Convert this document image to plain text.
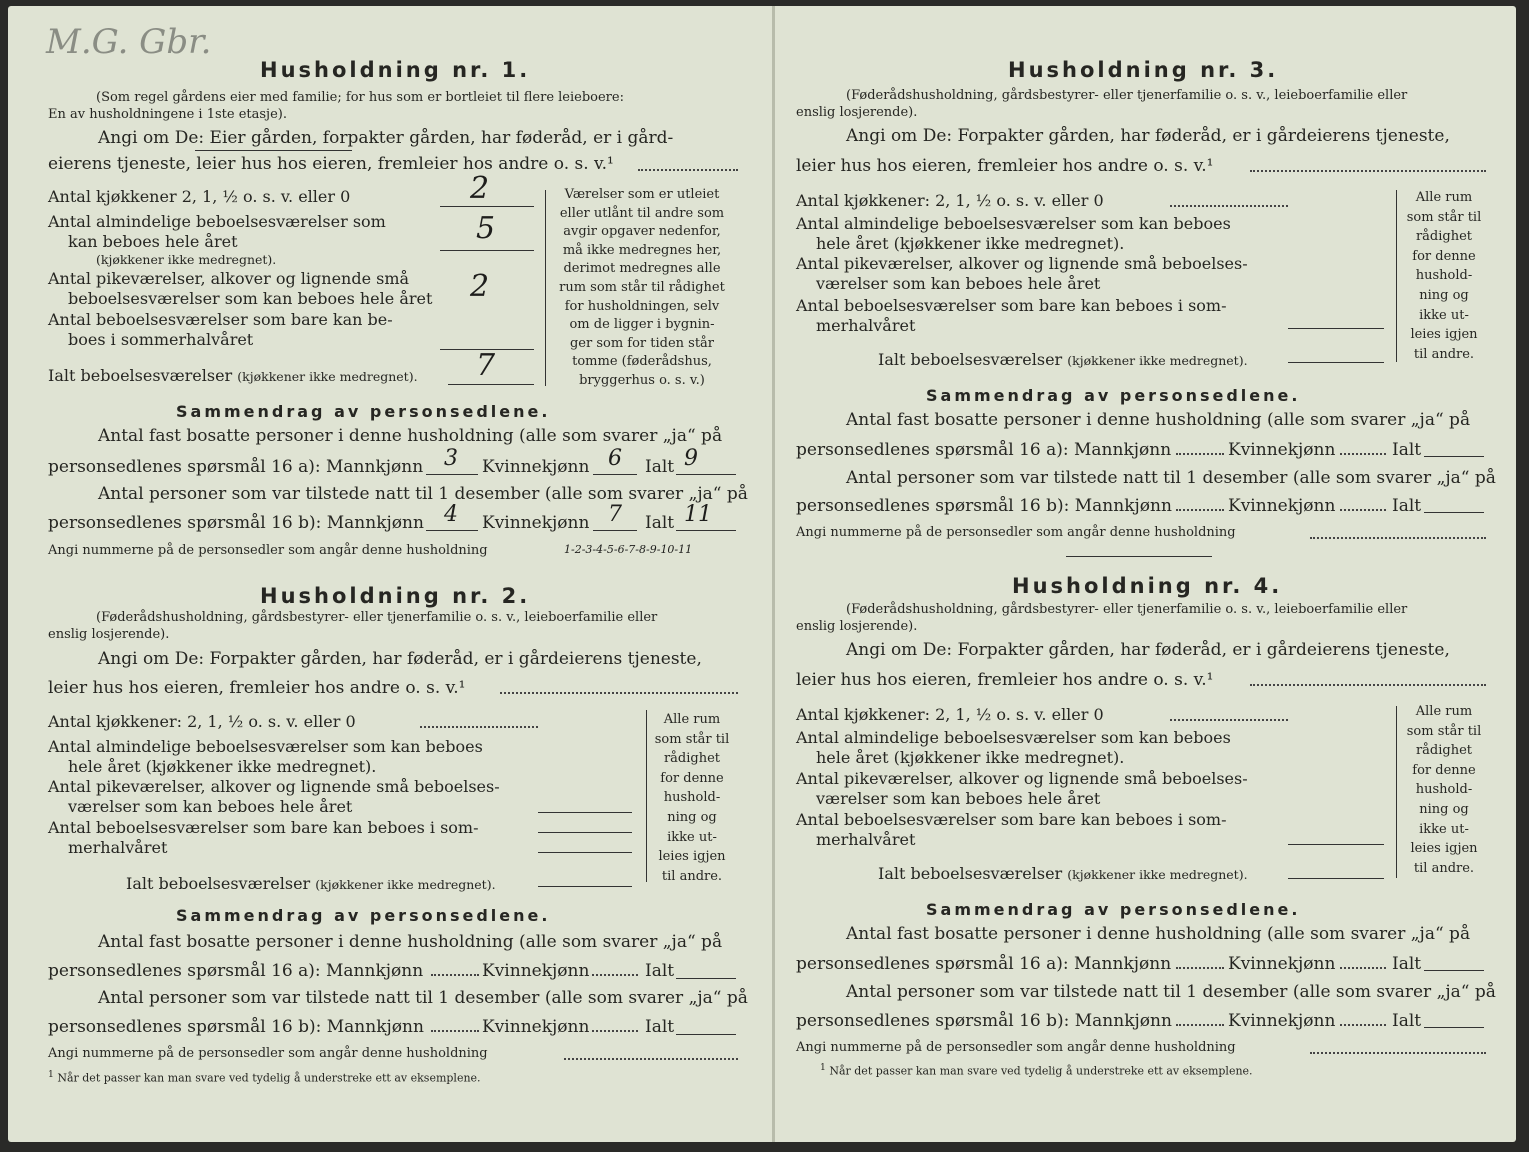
M.G. Gbr.
Husholdning nr. 1.
(Som regel gårdens eier med familie; for hus som er bortleiet til flere leieboere:
En av husholdningene i 1ste etasje).
Angi om De: Eier gården, forpakter gården, har føderåd, er i gård-
eierens tjeneste, leier hus hos eieren, fremleier hos andre o. s. v.¹
Antal kjøkkener 2, 1, ½ o. s. v. eller 0	2
Antal almindelige beboelsesværelser som
kan beboes hele året
(kjøkkener ikke medregnet).
5
Antal pikeværelser, alkover og lignende små
beboelsesværelser som kan beboes hele året 2
Antal beboelsesværelser som bare kan be-
boes i sommerhalvåret
Ialt beboelsesværelser (kjøkkener ikke medregnet). 7
Værelser som er utleiet
eller utlånt til andre som
avgir opgaver nedenfor,
må ikke medregnes her,
derimot medregnes alle
rum som står til rådighet
for husholdningen, selv
om de ligger i bygnin-
ger som for tiden står
tomme (føderådshus,
bryggerhus o. s. v.)
Sammendrag av personsedlene.
Antal fast bosatte personer i denne husholdning (alle som svarer „ja“ på
personsedlenes spørsmål 16 a): Mannkjønn 3 Kvinnekjønn 6 Ialt 9
Antal personer som var tilstede natt til 1 desember (alle som svarer „ja“ på
personsedlenes spørsmål 16 b): Mannkjønn 4 Kvinnekjønn 7 Ialt 11
Angi nummerne på de personsedler som angår denne husholdning	1-2-3-4-5-6-7-8-9-10-11
Husholdning nr. 2.
(Føderådshusholdning, gårdsbestyrer- eller tjenerfamilie o. s. v., leieboerfamilie eller
enslig losjerende).
Angi om De: Forpakter gården, har føderåd, er i gårdeierens tjeneste,
leier hus hos eieren, fremleier hos andre o. s. v.¹
Antal kjøkkener: 2, 1, ½ o. s. v. eller 0
Antal almindelige beboelsesværelser som kan beboes
hele året (kjøkkener ikke medregnet).
Antal pikeværelser, alkover og lignende små beboelses-
værelser som kan beboes hele året
Antal beboelsesværelser som bare kan beboes i som-
merhalvåret
Ialt beboelsesværelser (kjøkkener ikke medregnet).
Alle rum
som står til
rådighet
for denne
hushold-
ning og
ikke ut-
leies igjen
til andre.
Sammendrag av personsedlene.
Antal fast bosatte personer i denne husholdning (alle som svarer „ja“ på
personsedlenes spørsmål 16 a): Mannkjønn	Kvinnekjønn	Ialt
Antal personer som var tilstede natt til 1 desember (alle som svarer „ja“ på
personsedlenes spørsmål 16 b): Mannkjønn	Kvinnekjønn	Ialt
Angi nummerne på de personsedler som angår denne husholdning
$^1$ Når det passer kan man svare ved tydelig å understreke ett av eksemplene.
Husholdning nr. 3.
(Føderådshusholdning, gårdsbestyrer- eller tjenerfamilie o. s. v., leieboerfamilie eller
enslig losjerende).
Angi om De: Forpakter gården, har føderåd, er i gårdeierens tjeneste,
leier hus hos eieren, fremleier hos andre o. s. v.¹
Antal kjøkkener: 2, 1, ½ o. s. v. eller 0
Antal almindelige beboelsesværelser som kan beboes
hele året (kjøkkener ikke medregnet).
Antal pikeværelser, alkover og lignende små beboelses-
værelser som kan beboes hele året
Antal beboelsesværelser som bare kan beboes i som-
merhalvåret
Ialt beboelsesværelser (kjøkkener ikke medregnet).
Alle rum
som står til
rådighet
for denne
hushold-
ning og
ikke ut-
leies igjen
til andre.
Sammendrag av personsedlene.
Antal fast bosatte personer i denne husholdning (alle som svarer „ja“ på
personsedlenes spørsmål 16 a): Mannkjønn	Kvinnekjønn	Ialt
Antal personer som var tilstede natt til 1 desember (alle som svarer „ja“ på
personsedlenes spørsmål 16 b): Mannkjønn	Kvinnekjønn	Ialt
Angi nummerne på de personsedler som angår denne husholdning
Husholdning nr. 4.
(Føderådshusholdning, gårdsbestyrer- eller tjenerfamilie o. s. v., leieboerfamilie eller
enslig losjerende).
Angi om De: Forpakter gården, har føderåd, er i gårdeierens tjeneste,
leier hus hos eieren, fremleier hos andre o. s. v.¹
Antal kjøkkener: 2, 1, ½ o. s. v. eller 0
Antal almindelige beboelsesværelser som kan beboes
hele året (kjøkkener ikke medregnet).
Antal pikeværelser, alkover og lignende små beboelses-
værelser som kan beboes hele året
Antal beboelsesværelser som bare kan beboes i som-
merhalvåret
Ialt beboelsesværelser (kjøkkener ikke medregnet).
Alle rum
som står til
rådighet
for denne
hushold-
ning og
ikke ut-
leies igjen
til andre.
Sammendrag av personsedlene.
Antal fast bosatte personer i denne husholdning (alle som svarer „ja“ på
personsedlenes spørsmål 16 a): Mannkjønn	Kvinnekjønn	Ialt
Antal personer som var tilstede natt til 1 desember (alle som svarer „ja“ på
personsedlenes spørsmål 16 b): Mannkjønn	Kvinnekjønn	Ialt
Angi nummerne på de personsedler som angår denne husholdning
$^1$ Når det passer kan man svare ved tydelig å understreke ett av eksemplene.
